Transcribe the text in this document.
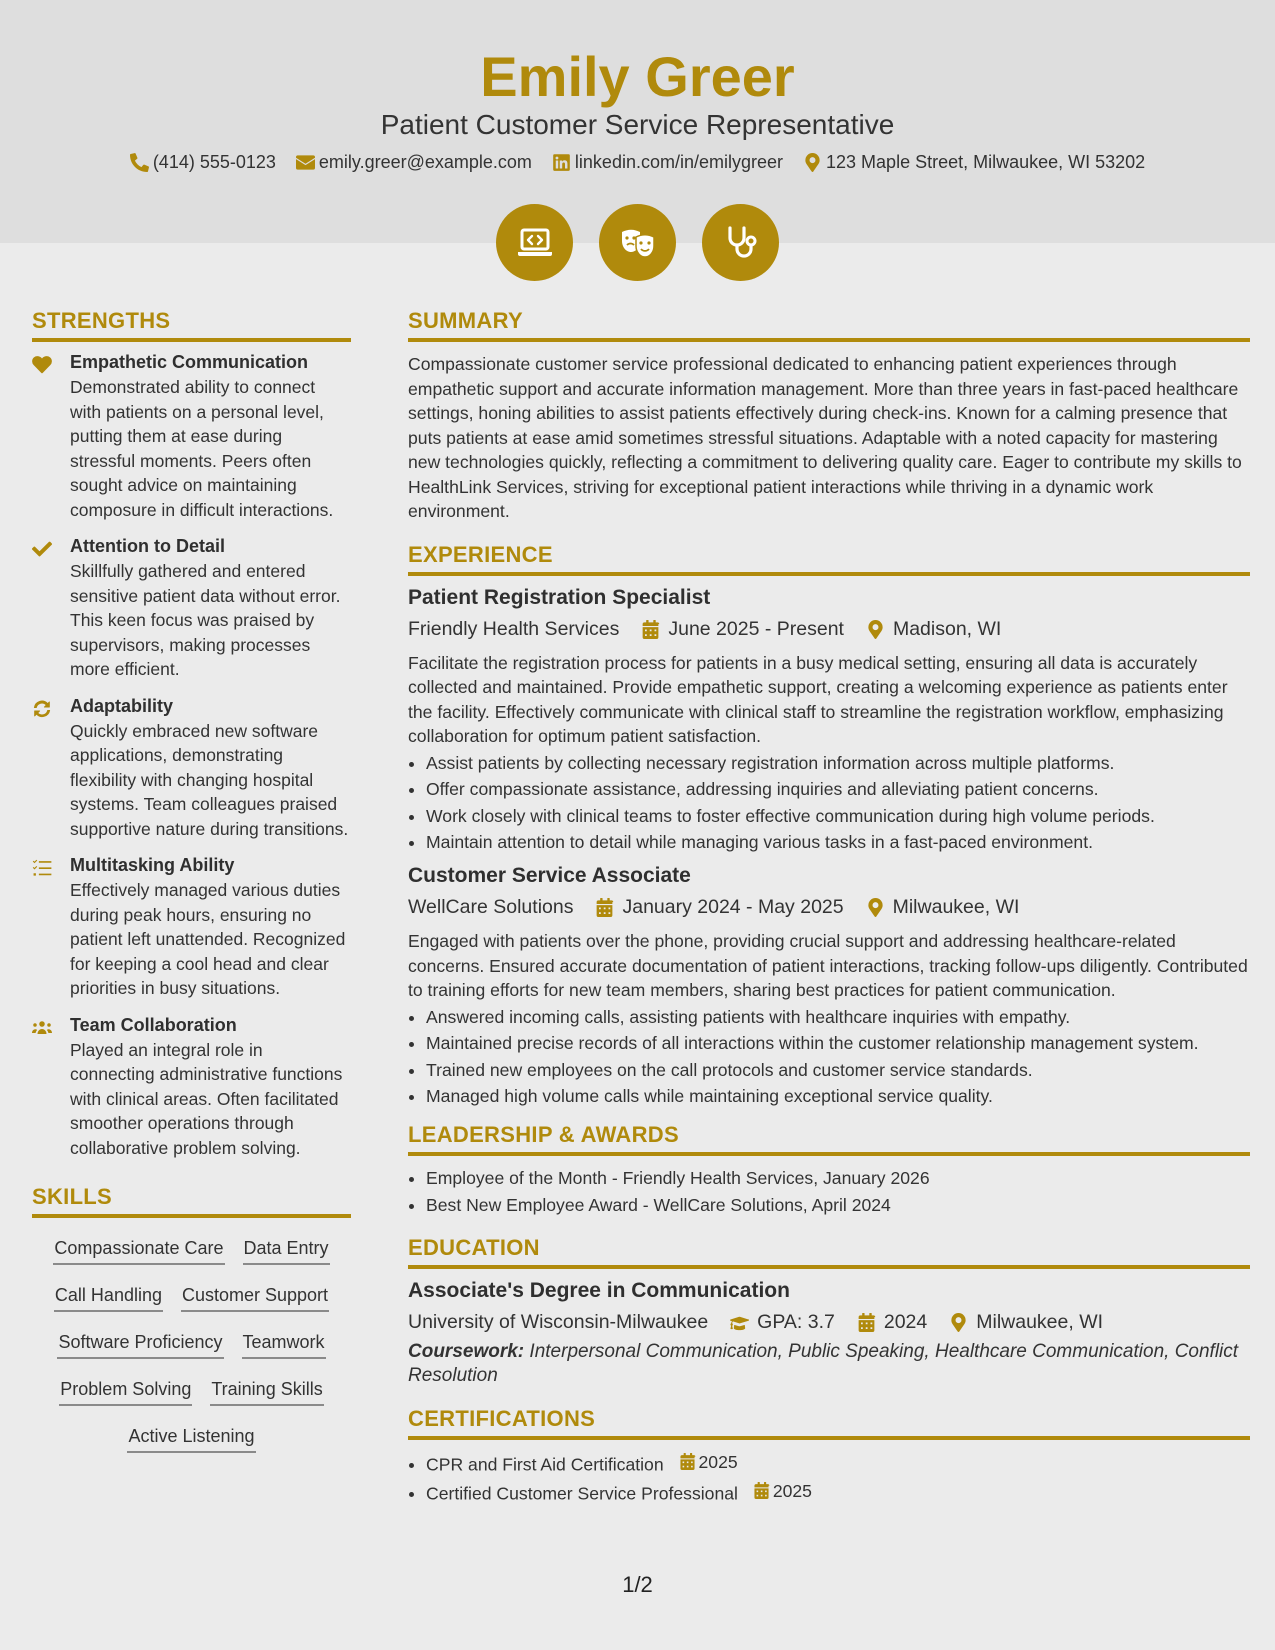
Emily Greer
Patient Customer Service Representative
(414) 555-0123 emily.greer@example.com linkedin.com/in/emilygreer 123 Maple Street, Milwaukee, WI 53202
STRENGTHS
Empathetic Communication

Demonstrated ability to connect with patients on a personal level, putting them at ease during stressful moments. Peers often sought advice on maintaining composure in difficult interactions.

Attention to Detail

Skillfully gathered and entered sensitive patient data without error. This keen focus was praised by supervisors, making processes more efficient.

Adaptability

Quickly embraced new software applications, demonstrating flexibility with changing hospital systems. Team colleagues praised supportive nature during transitions.

Multitasking Ability

Effectively managed various duties during peak hours, ensuring no patient left unattended. Recognized for keeping a cool head and clear priorities in busy situations.

Team Collaboration

Played an integral role in connecting administrative functions with clinical areas. Often facilitated smoother operations through collaborative problem solving.

SKILLS
Compassionate Care Data Entry
Call Handling Customer Support
Software Proficiency Teamwork
Problem Solving Training Skills
Active Listening
SUMMARY

Compassionate customer service professional dedicated to enhancing patient experiences through empathetic support and accurate information management. More than three years in fast-paced healthcare settings, honing abilities to assist patients effectively during check-ins. Known for a calming presence that puts patients at ease amid sometimes stressful situations. Adaptable with a noted capacity for mastering new technologies quickly, reflecting a commitment to delivering quality care. Eager to contribute my skills to HealthLink Services, striving for exceptional patient interactions while thriving in a dynamic work environment.

EXPERIENCE
Patient Registration Specialist
Friendly Health Services	June 2025 - Present	Madison, WI

Facilitate the registration process for patients in a busy medical setting, ensuring all data is accurately collected and maintained. Provide empathetic support, creating a welcoming experience as patients enter the facility. Effectively communicate with clinical staff to streamline the registration workflow, emphasizing collaboration for optimum patient satisfaction.

• Assist patients by collecting necessary registration information across multiple platforms.
• Offer compassionate assistance, addressing inquiries and alleviating patient concerns.
• Work closely with clinical teams to foster effective communication during high volume periods.
• Maintain attention to detail while managing various tasks in a fast-paced environment.
Customer Service Associate
WellCare Solutions	January 2024 - May 2025	Milwaukee, WI

Engaged with patients over the phone, providing crucial support and addressing healthcare-related concerns. Ensured accurate documentation of patient interactions, tracking follow-ups diligently. Contributed to training efforts for new team members, sharing best practices for patient communication.

• Answered incoming calls, assisting patients with healthcare inquiries with empathy.
• Maintained precise records of all interactions within the customer relationship management system.
• Trained new employees on the call protocols and customer service standards.
• Managed high volume calls while maintaining exceptional service quality.
LEADERSHIP & AWARDS
• Employee of the Month - Friendly Health Services, January 2026
• Best New Employee Award - WellCare Solutions, April 2024
EDUCATION
Associate's Degree in Communication
University of Wisconsin-Milwaukee	GPA: 3.7	2024	Milwaukee, WI
Coursework: Interpersonal Communication, Public Speaking, Healthcare Communication, Conflict Resolution
CERTIFICATIONS
• CPR and First Aid Certification 2025
• Certified Customer Service Professional 2025
1/2
